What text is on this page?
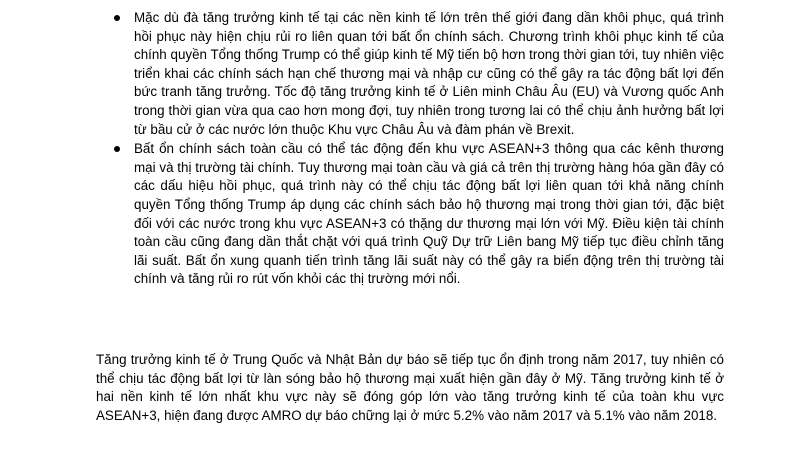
Mặc dù đà tăng trưởng kinh tế tại các nền kinh tế lớn trên thế giới đang dần khôi phục, quá trình hồi phục này hiện chịu rủi ro liên quan tới bất ổn chính sách. Chương trình khôi phục kinh tế của chính quyền Tổng thống Trump có thể giúp kinh tế Mỹ tiến bộ hơn trong thời gian tới, tuy nhiên việc triển khai các chính sách hạn chế thương mại và nhập cư cũng có thể gây ra tác động bất lợi đến bức tranh tăng trưởng. Tốc độ tăng trưởng kinh tế ở Liên minh Châu Âu (EU) và Vương quốc Anh trong thời gian vừa qua cao hơn mong đợi, tuy nhiên trong tương lai có thể chịu ảnh hưởng bất lợi từ bầu cử ở các nước lớn thuộc Khu vực Châu Âu và đàm phán về Brexit.
Bất ổn chính sách toàn cầu có thể tác động đến khu vực ASEAN+3 thông qua các kênh thương mại và thị trường tài chính. Tuy thương mại toàn cầu và giá cả trên thị trường hàng hóa gần đây có các dấu hiệu hồi phục, quá trình này có thể chịu tác động bất lợi liên quan tới khả năng chính quyền Tổng thống Trump áp dụng các chính sách bảo hộ thương mại trong thời gian tới, đặc biệt đối với các nước trong khu vực ASEAN+3 có thặng dư thương mại lớn với Mỹ. Điều kiện tài chính toàn cầu cũng đang dần thắt chặt với quá trình Quỹ Dự trữ Liên bang Mỹ tiếp tục điều chỉnh tăng lãi suất. Bất ổn xung quanh tiến trình tăng lãi suất này có thể gây ra biến động trên thị trường tài chính và tăng rủi ro rút vốn khỏi các thị trường mới nổi.

Tăng trưởng kinh tế ở Trung Quốc và Nhật Bản dự báo sẽ tiếp tục ổn định trong năm 2017, tuy nhiên có thể chịu tác động bất lợi từ làn sóng bảo hộ thương mại xuất hiện gần đây ở Mỹ. Tăng trưởng kinh tế ở hai nền kinh tế lớn nhất khu vực này sẽ đóng góp lớn vào tăng trưởng kinh tế của toàn khu vực ASEAN+3, hiện đang được AMRO dự báo chững lại ở mức 5.2% vào năm 2017 và 5.1% vào năm 2018.
